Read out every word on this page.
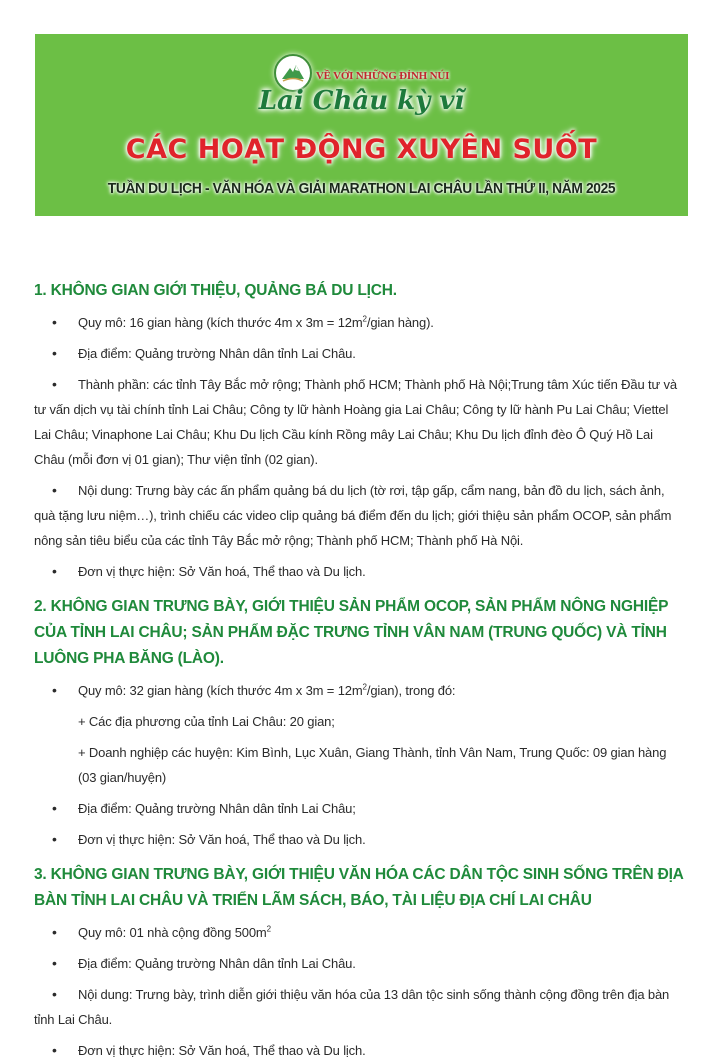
VỀ VỚI NHỮNG ĐỈNH NÚI
Lai Châu kỳ vĩ
CÁC HOẠT ĐỘNG XUYÊN SUỐT
TUẦN DU LỊCH - VĂN HÓA VÀ GIẢI MARATHON LAI CHÂU LẦN THỨ II, NĂM 2025
1. KHÔNG GIAN GIỚI THIỆU, QUẢNG BÁ DU LỊCH.
•	Quy mô: 16 gian hàng (kích thước 4m x $3m = 12m^2$/gian hàng).
•	Địa điểm: Quảng trường Nhân dân tỉnh Lai Châu.
•	Thành phần: các tỉnh Tây Bắc mở rộng; Thành phố HCM; Thành phố Hà Nội;Trung tâm Xúc tiến Đầu tư và tư vấn dịch vụ tài chính tỉnh Lai Châu; Công ty lữ hành Hoàng gia Lai Châu; Công ty lữ hành Pu Lai Châu; Viettel Lai Châu; Vinaphone Lai Châu; Khu Du lịch Cầu kính Rồng mây Lai Châu; Khu Du lịch đỉnh đèo Ô Quý Hồ Lai Châu (mỗi đơn vị 01 gian); Thư viện tỉnh (02 gian).
•	Nội dung: Trưng bày các ấn phẩm quảng bá du lịch (tờ rơi, tập gấp, cẩm nang, bản đồ du lịch, sách ảnh, quà tặng lưu niệm…), trình chiếu các video clip quảng bá điểm đến du lịch; giới thiệu sản phẩm OCOP, sản phẩm nông sản tiêu biểu của các tỉnh Tây Bắc mở rộng; Thành phố HCM; Thành phố Hà Nội.
•	Đơn vị thực hiện: Sở Văn hoá, Thể thao và Du lịch.
2. KHÔNG GIAN TRƯNG BÀY, GIỚI THIỆU SẢN PHẨM OCOP, SẢN PHẨM NÔNG NGHIỆP CỦA TỈNH LAI CHÂU; SẢN PHẨM ĐẶC TRƯNG TỈNH VÂN NAM (TRUNG QUỐC) VÀ TỈNH LUÔNG PHA BĂNG (LÀO).
•	Quy mô: 32 gian hàng (kích thước 4m x $3m = 12m^2/gian$), trong đó:
+ Các địa phương của tỉnh Lai Châu: 20 gian;
+ Doanh nghiệp các huyện: Kim Bình, Lục Xuân, Giang Thành, tỉnh Vân Nam, Trung Quốc: 09 gian hàng (03 gian/huyện)
•	Địa điểm: Quảng trường Nhân dân tỉnh Lai Châu;
•	Đơn vị thực hiện: Sở Văn hoá, Thể thao và Du lịch.
3. KHÔNG GIAN TRƯNG BÀY, GIỚI THIỆU VĂN HÓA CÁC DÂN TỘC SINH SỐNG TRÊN ĐỊA BÀN TỈNH LAI CHÂU VÀ TRIỂN LÃM SÁCH, BÁO, TÀI LIỆU ĐỊA CHÍ LAI CHÂU
•	Quy mô: 01 nhà cộng đồng $500m^2$
•	Địa điểm: Quảng trường Nhân dân tỉnh Lai Châu.
•	Nội dung: Trưng bày, trình diễn giới thiệu văn hóa của 13 dân tộc sinh sống thành cộng đồng trên địa bàn tỉnh Lai Châu.
•	Đơn vị thực hiện: Sở Văn hoá, Thể thao và Du lịch.
